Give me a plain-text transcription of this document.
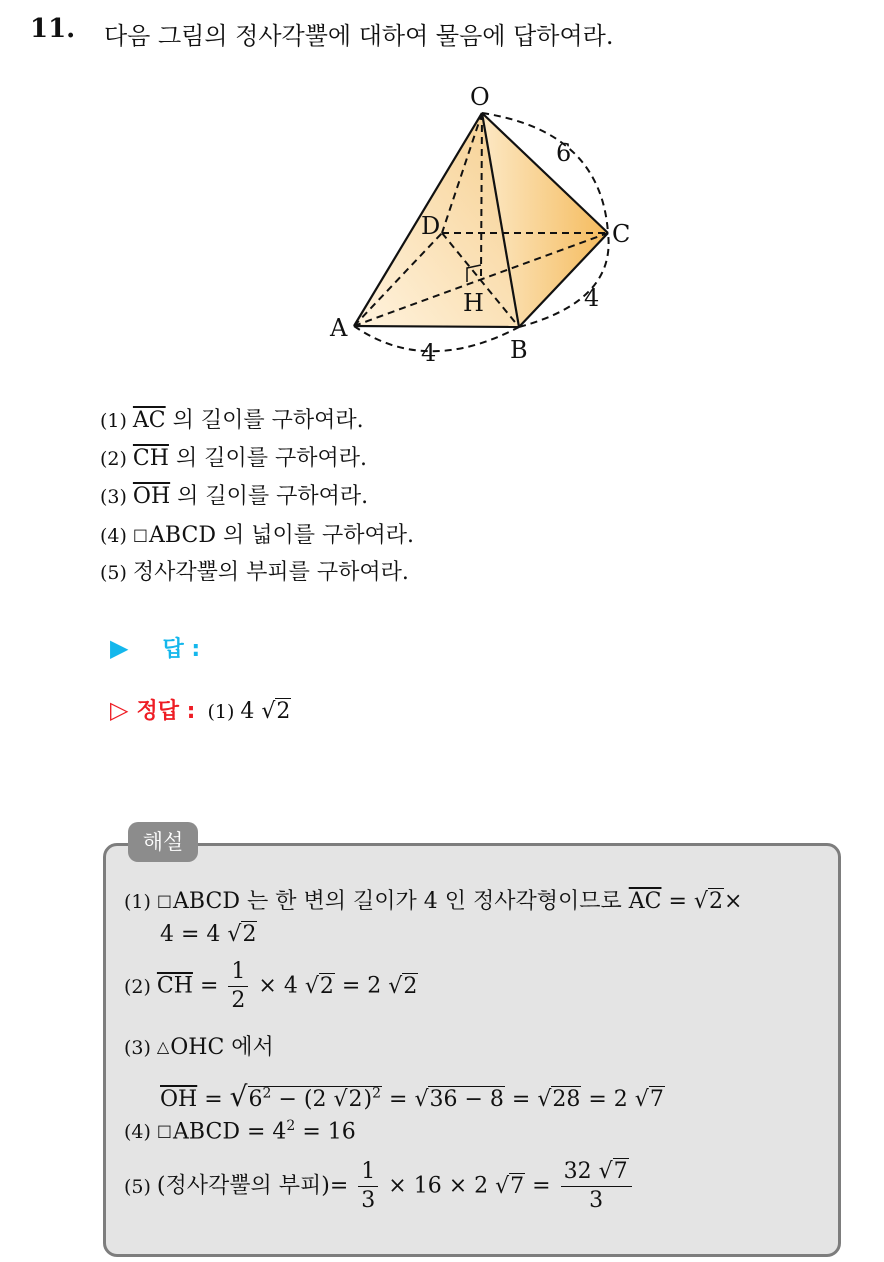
11. 다음 그림의 정사각뿔에 대하여 물음에 답하여라.
O
A
B
C
D
H
6
4
4
(1) $\overline{AC}$ 의 길이를 구하여라.
(2) $\overline{CH}$ 의 길이를 구하여라.
(3) $\overline{OH}$ 의 길이를 구하여라.
(4) □ABCD 의 넓이를 구하여라.
(5) 정사각뿔의 부피를 구하여라.
▶ 답 :
▷ 정답 : (1) 4 √2
해설
(1) □ABCD 는 한 변의 길이가 4 인 정사각형이므로 $\overline{AC} = √2\times$
4 = 4 √2
(2) $\overline{CH} = \frac{1}{2} \times 4$ √2 = 2 √2
(3) △OHC 에서
$\overline{OH} = √6^2 - (2$ √2)$^2$ = √36 − 8 = √28 = 2 √7
(4) □ABCD = $4^2 = 16$
(5) (정사각뿔의 부피)= $\frac{1}{3} \times 16 \times 2$ $√7 = \frac{32 √7}{3}$
